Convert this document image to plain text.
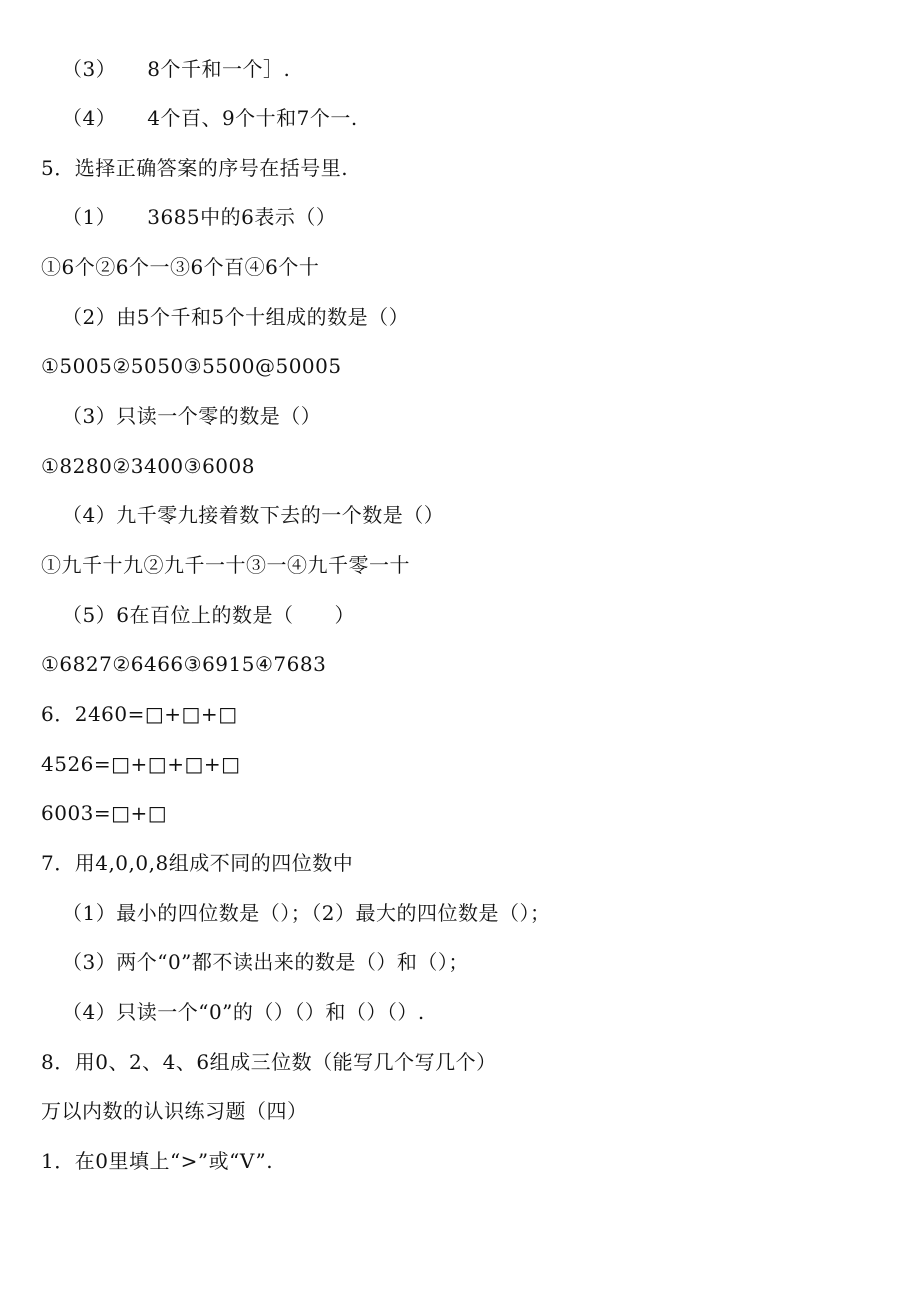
（3）　　8个千和一个］.
（4）　　4个百、9个十和7个一.
5．选择正确答案的序号在括号里.
（1）　　3685中的6表示（）
①6个②6个一③6个百④6个十
（2）由5个千和5个十组成的数是（）
①5005②5050③5500@50005
（3）只读一个零的数是（）
①8280②3400③6008
（4）九千零九接着数下去的一个数是（）
①九千十九②九千一十③一④九千零一十
（5）6在百位上的数是（　　）
①6827②6466③6915④7683
6．2460=□+□+□
4526=□+□+□+□
6003=□+□
7．用4,0,0,8组成不同的四位数中
（1）最小的四位数是（）；（2）最大的四位数是（）；
（3）两个“0”都不读出来的数是（）和（）；
（4）只读一个“0”的（）（）和（）（）.
8．用0、2、4、6组成三位数（能写几个写几个）
万以内数的认识练习题（四）
1．在0里填上“>”或“V”.
